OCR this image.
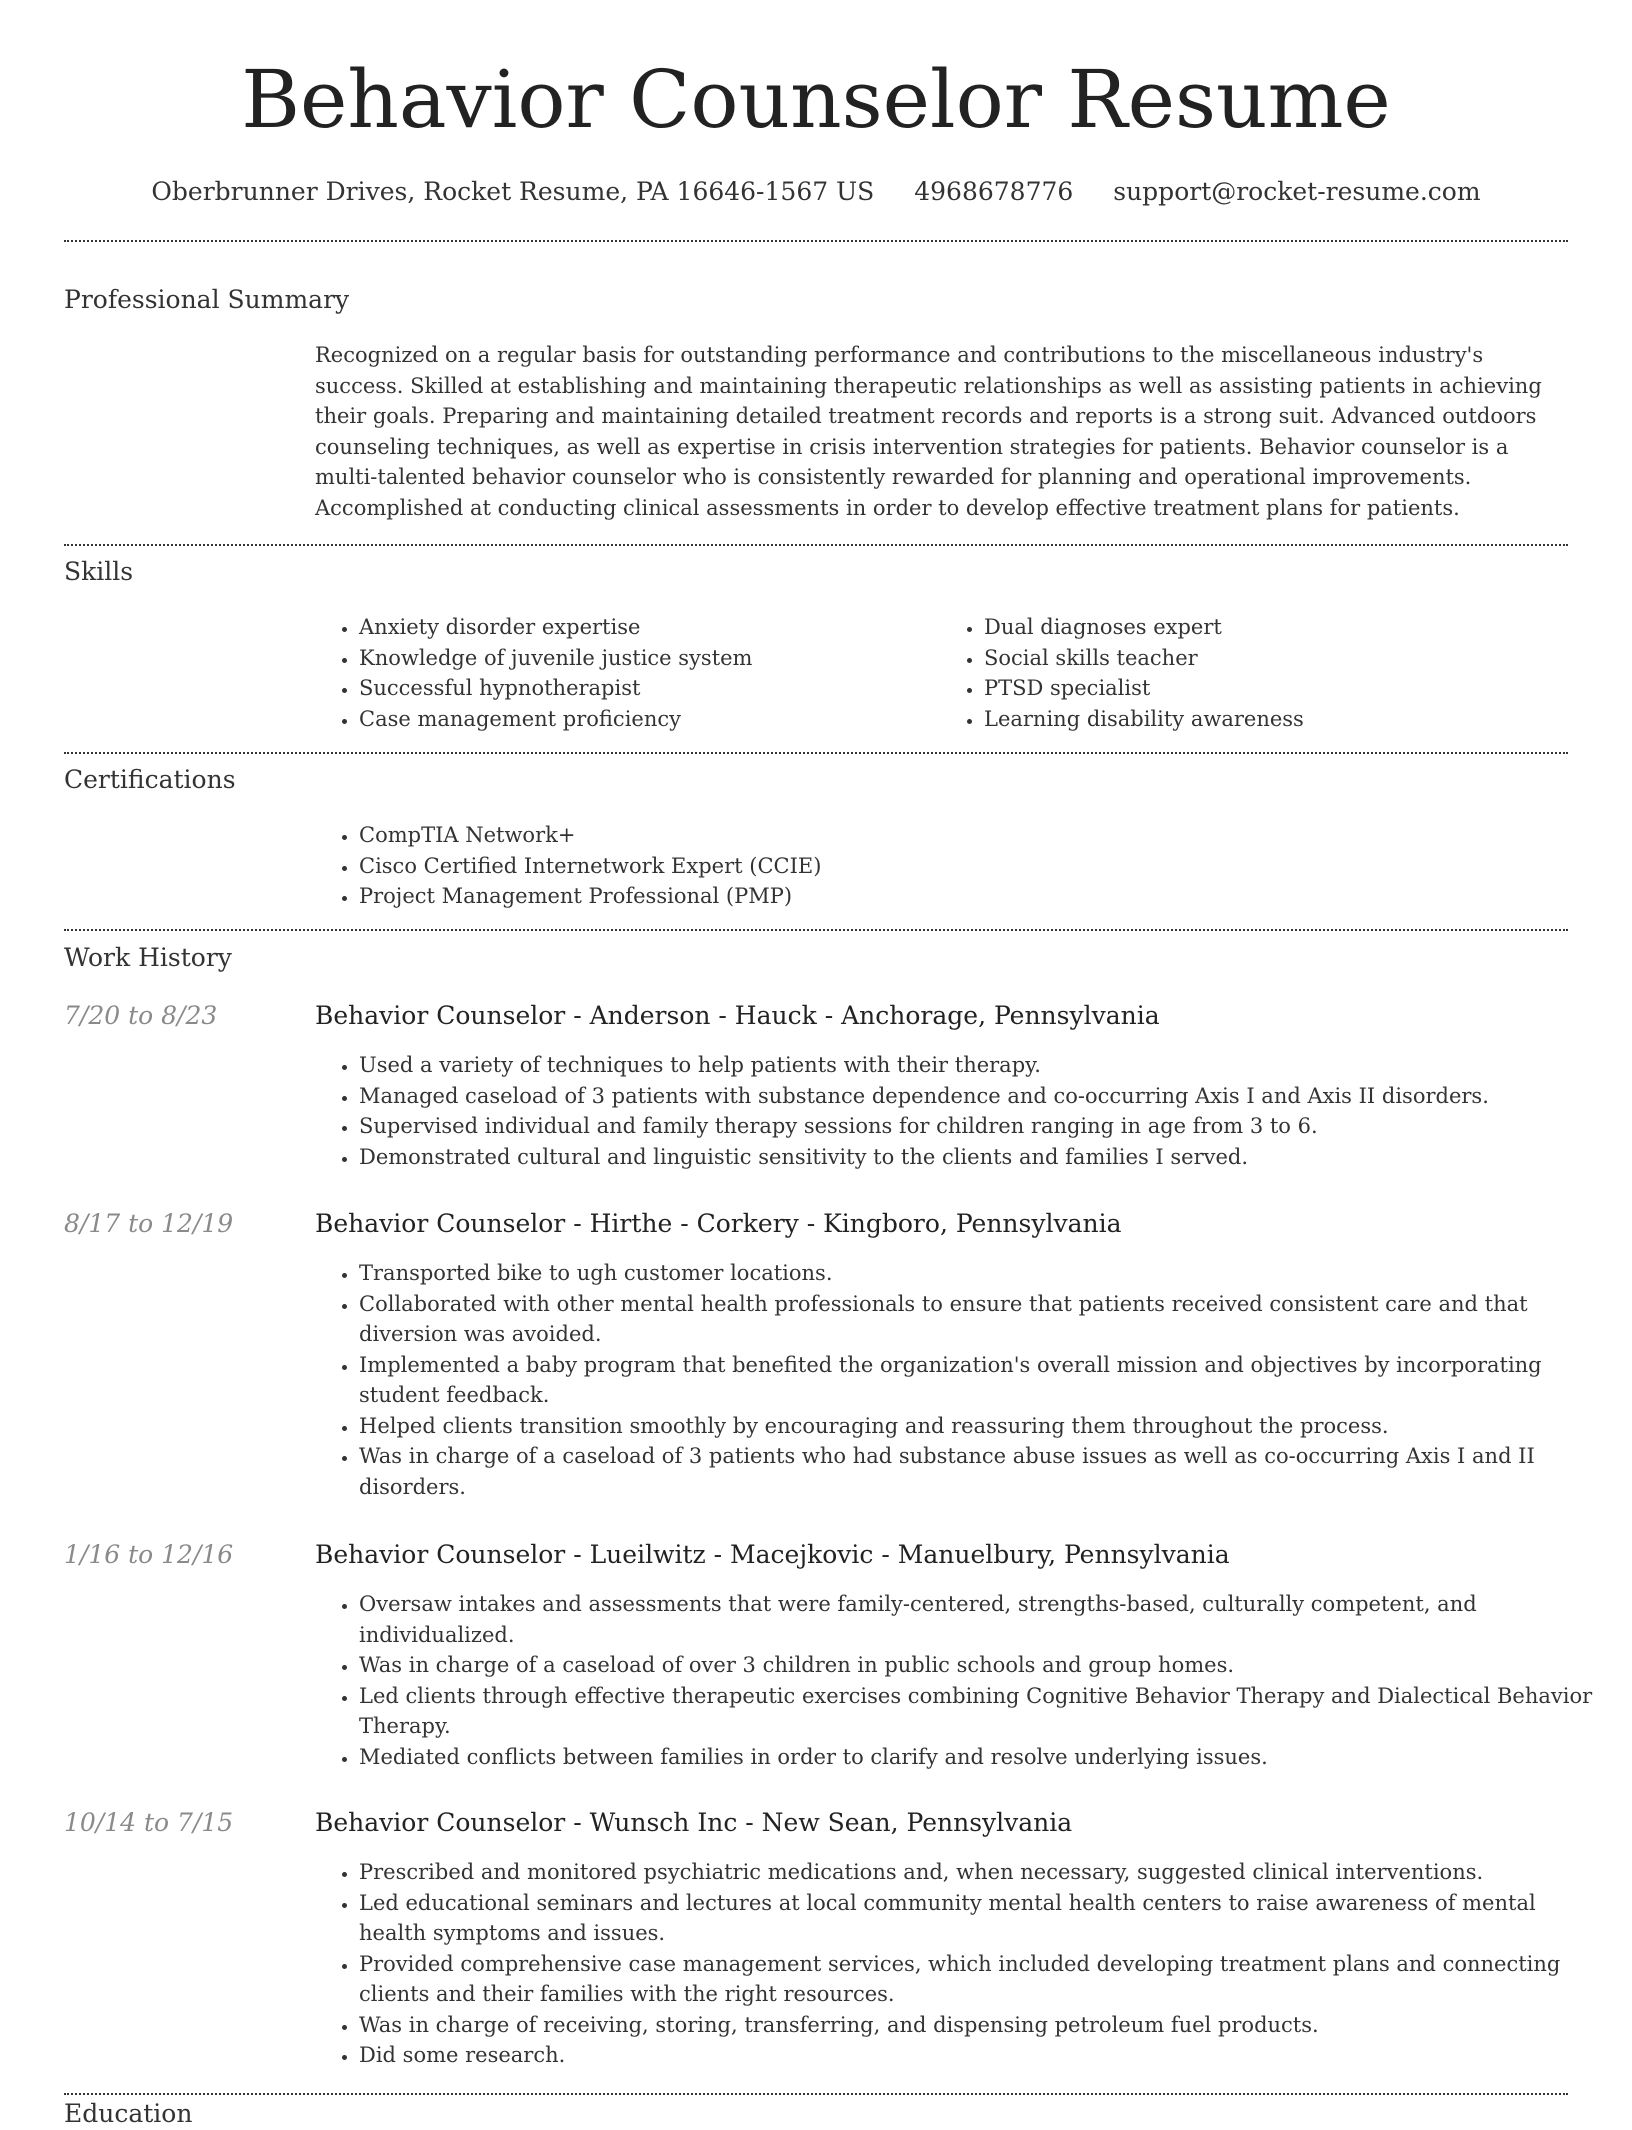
Behavior Counselor Resume
Oberbrunner Drives, Rocket Resume, PA 16646-1567 US 4968678776 support@rocket-resume.com
Professional Summary

Recognized on a regular basis for outstanding performance and contributions to the miscellaneous industry's success. Skilled at establishing and maintaining therapeutic relationships as well as assisting patients in achieving their goals. Preparing and maintaining detailed treatment records and reports is a strong suit. Advanced outdoors counseling techniques, as well as expertise in crisis intervention strategies for patients. Behavior counselor is a multi-talented behavior counselor who is consistently rewarded for planning and operational improvements. Accomplished at conducting clinical assessments in order to develop effective treatment plans for patients.

Skills
• Anxiety disorder expertise
• Knowledge of juvenile justice system
• Successful hypnotherapist
• Case management proficiency
• Dual diagnoses expert
• Social skills teacher
• PTSD specialist
• Learning disability awareness
Certifications
• CompTIA Network+
• Cisco Certified Internetwork Expert (CCIE)
• Project Management Professional (PMP)
Work History
7/20 to 8/23	Behavior Counselor - Anderson - Hauck - Anchorage, Pennsylvania
• Used a variety of techniques to help patients with their therapy.
• Managed caseload of 3 patients with substance dependence and co-occurring Axis I and Axis II disorders.
• Supervised individual and family therapy sessions for children ranging in age from 3 to 6.
• Demonstrated cultural and linguistic sensitivity to the clients and families I served.
8/17 to 12/19	Behavior Counselor - Hirthe - Corkery - Kingboro, Pennsylvania
• Transported bike to ugh customer locations.
• Collaborated with other mental health professionals to ensure that patients received consistent care and that diversion was avoided.
• Implemented a baby program that benefited the organization's overall mission and objectives by incorporating student feedback.
• Helped clients transition smoothly by encouraging and reassuring them throughout the process.
• Was in charge of a caseload of 3 patients who had substance abuse issues as well as co-occurring Axis I and II disorders.
1/16 to 12/16	Behavior Counselor - Lueilwitz - Macejkovic - Manuelbury, Pennsylvania
• Oversaw intakes and assessments that were family-centered, strengths-based, culturally competent, and individualized.
• Was in charge of a caseload of over 3 children in public schools and group homes.
• Led clients through effective therapeutic exercises combining Cognitive Behavior Therapy and Dialectical Behavior Therapy.
• Mediated conflicts between families in order to clarify and resolve underlying issues.
10/14 to 7/15	Behavior Counselor - Wunsch Inc - New Sean, Pennsylvania
• Prescribed and monitored psychiatric medications and, when necessary, suggested clinical interventions.
• Led educational seminars and lectures at local community mental health centers to raise awareness of mental health symptoms and issues.
• Provided comprehensive case management services, which included developing treatment plans and connecting clients and their families with the right resources.
• Was in charge of receiving, storing, transferring, and dispensing petroleum fuel products.
• Did some research.
Education
